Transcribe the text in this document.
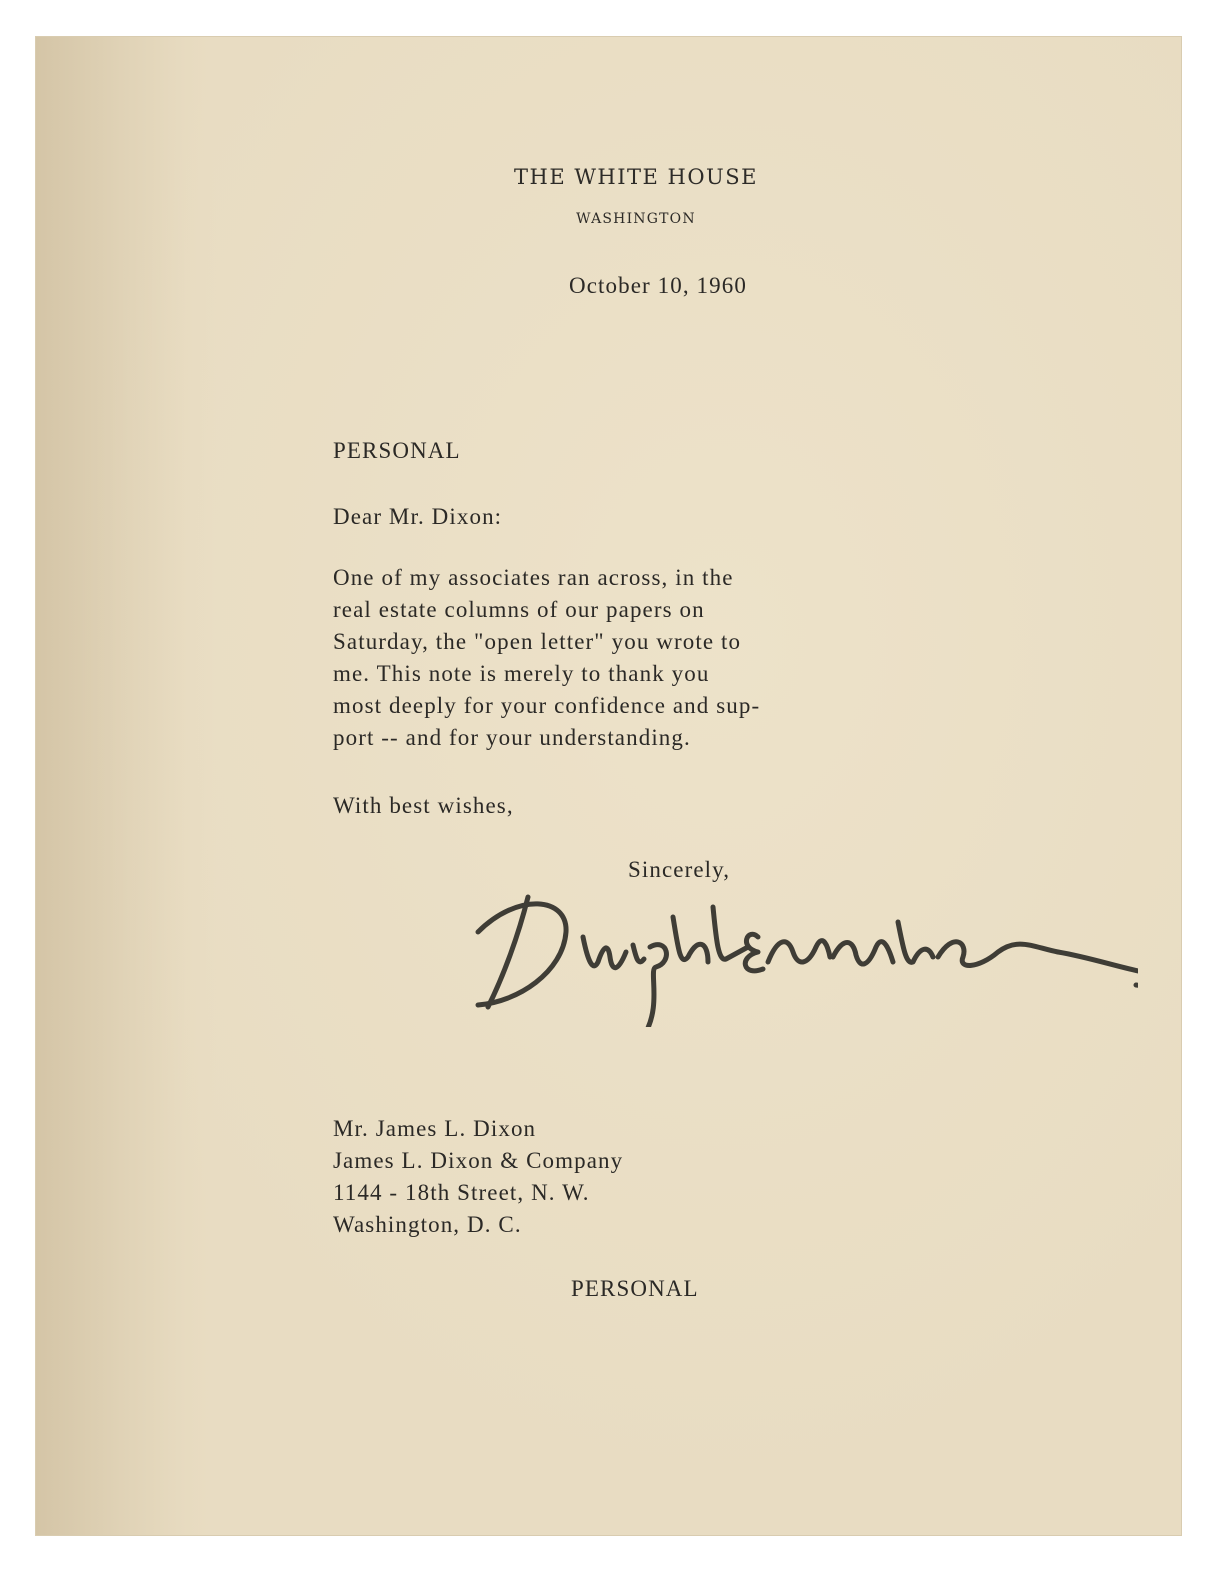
THE WHITE HOUSE
WASHINGTON
October 10, 1960
PERSONAL
Dear Mr. Dixon:
One of my associates ran across, in the
real estate columns of our papers on
Saturday, the "open letter" you wrote to
me. This note is merely to thank you
most deeply for your confidence and sup-
port -- and for your understanding.
With best wishes,
Sincerely,
Mr. James L. Dixon
James L. Dixon & Company
1144 - 18th Street, N. W.
Washington, D. C.
PERSONAL
